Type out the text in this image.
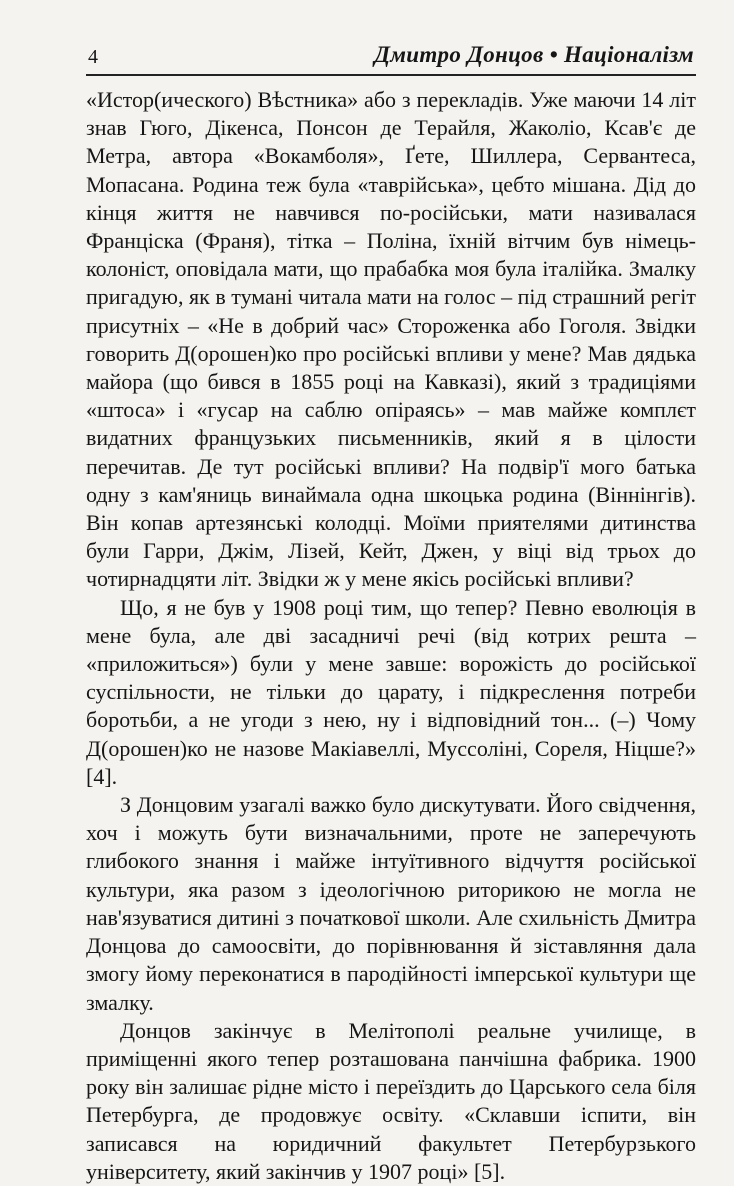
4	Дмитро Донцов • Націоналізм

«Истор(ического) Вѣстника» або з перекладів. Уже маючи 14 літ знав Гюго, Дікенса, Понсон де Терайля, Жаколіо, Ксав'є де Метра, автора «Вокамболя», Ґете, Шиллера, Сервантеса, Мопасана. Родина теж була «таврійська», цебто мішана. Дід до кінця життя не навчився по-російськи, мати називалася Франціска (Франя), тітка – Поліна, їхній вітчим був німець-колоніст, оповідала мати, що прабабка моя була італійка. Змалку пригадую, як в тумані читала мати на голос – під страшний регіт присутніх – «Не в добрий час» Стороженка або Гоголя. Звідки говорить Д(орошен)ко про російські впливи у мене? Мав дядька майора (що бився в 1855 році на Кавказі), який з традиціями «штоса» і «гусар на саблю опіраясь» – мав майже комплєт видатних французьких письменників, який я в цілости перечитав. Де тут російські впливи? На подвір'ї мого батька одну з кам'яниць винаймала одна шкоцька родина (Віннінгів). Він копав артезянські колодці. Моїми приятелями дитинства були Гарри, Джім, Лізей, Кейт, Джен, у віці від трьох до чотирнадцяти літ. Звідки ж у мене якісь російські впливи?

Що, я не був у 1908 році тим, що тепер? Певно еволюція в мене була, але дві засадничі речі (від котрих решта – «приложиться») були у мене завше: ворожість до російської суспільности, не тільки до царату, і підкреслення потреби боротьби, а не угоди з нею, ну і відповідний тон... (–) Чому Д(орошен)ко не назове Макіавеллі, Муссоліні, Сореля, Ніцше?» [4].

З Донцовим узагалі важко було дискутувати. Його свідчення, хоч і можуть бути визначальними, проте не заперечують глибокого знання і майже інтуїтивного відчуття російської культури, яка разом з ідеологічною риторикою не могла не нав'язуватися дитині з початкової школи. Але схильність Дмитра Донцова до самоосвіти, до порівнювання й зіставляння дала змогу йому переконатися в пародійності імперської культури ще змалку.

Донцов закінчує в Мелітополі реальне училище, в приміщенні якого тепер розташована панчішна фабрика. 1900 року він залишає рідне місто і переїздить до Царського села біля Петербурга, де продовжує освіту. «Склавши іспити, він записався на юридичний факультет Петербурзького університету, який закінчив у 1907 році» [5].
